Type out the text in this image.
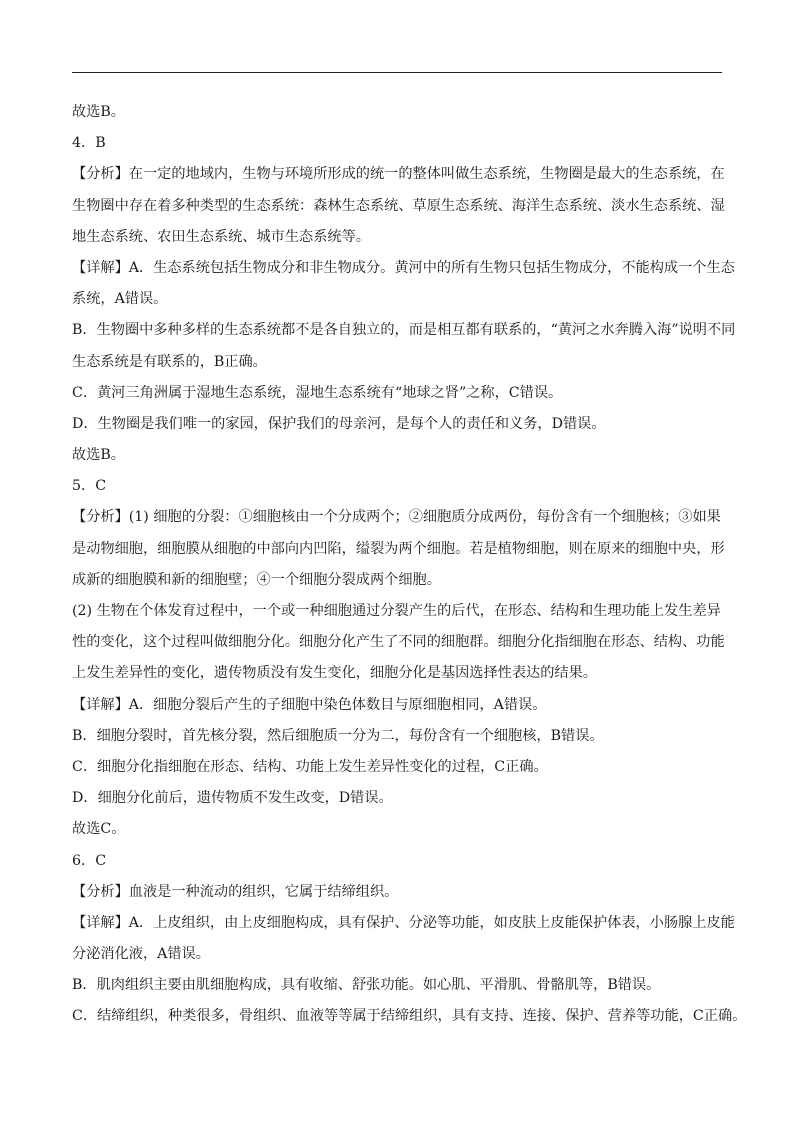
故选B。
4．B
【分析】在一定的地域内，生物与环境所形成的统一的整体叫做生态系统，生物圈是最大的生态系统，在
生物圈中存在着多种类型的生态系统：森林生态系统、草原生态系统、海洋生态系统、淡水生态系统、湿
地生态系统、农田生态系统、城市生态系统等。
【详解】A．生态系统包括生物成分和非生物成分。黄河中的所有生物只包括生物成分，不能构成一个生态
系统，A错误。
B．生物圈中多种多样的生态系统都不是各自独立的，而是相互都有联系的，“黄河之水奔腾入海”说明不同
生态系统是有联系的，B正确。
C．黄河三角洲属于湿地生态系统，湿地生态系统有“地球之肾”之称，C错误。
D．生物圈是我们唯一的家园，保护我们的母亲河，是每个人的责任和义务，D错误。
故选B。
5．C
【分析】(1) 细胞的分裂：①细胞核由一个分成两个；②细胞质分成两份，每份含有一个细胞核；③如果
是动物细胞，细胞膜从细胞的中部向内凹陷，缢裂为两个细胞。若是植物细胞，则在原来的细胞中央，形
成新的细胞膜和新的细胞壁；④一个细胞分裂成两个细胞。
(2) 生物在个体发育过程中，一个或一种细胞通过分裂产生的后代，在形态、结构和生理功能上发生差异
性的变化，这个过程叫做细胞分化。细胞分化产生了不同的细胞群。细胞分化指细胞在形态、结构、功能
上发生差异性的变化，遗传物质没有发生变化，细胞分化是基因选择性表达的结果。
【详解】A．细胞分裂后产生的子细胞中染色体数目与原细胞相同，A错误。
B．细胞分裂时，首先核分裂，然后细胞质一分为二，每份含有一个细胞核，B错误。
C．细胞分化指细胞在形态、结构、功能上发生差异性变化的过程，C正确。
D．细胞分化前后，遗传物质不发生改变，D错误。
故选C。
6．C
【分析】血液是一种流动的组织，它属于结缔组织。
【详解】A．上皮组织，由上皮细胞构成，具有保护、分泌等功能，如皮肤上皮能保护体表，小肠腺上皮能
分泌消化液，A错误。
B．肌肉组织主要由肌细胞构成，具有收缩、舒张功能。如心肌、平滑肌、骨骼肌等，B错误。
C．结缔组织，种类很多，骨组织、血液等等属于结缔组织，具有支持、连接、保护、营养等功能，C正确。
